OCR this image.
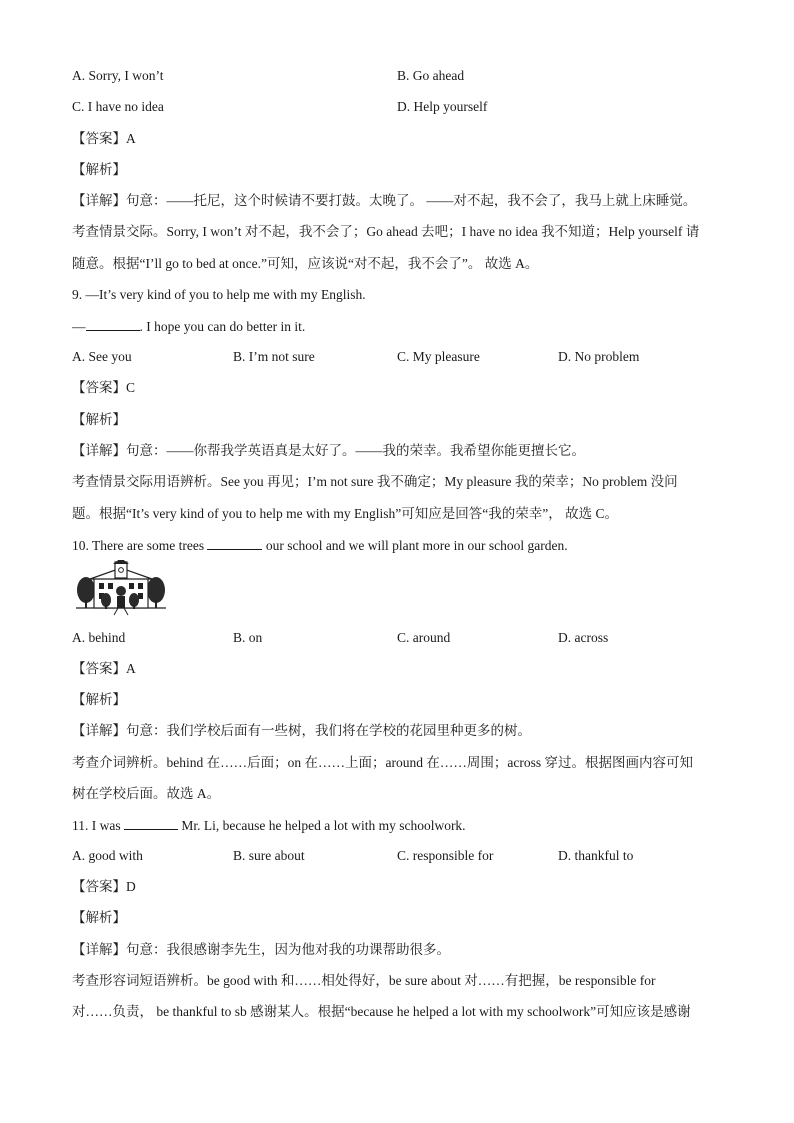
A. Sorry, I won’t	B. Go ahead
C. I have no idea	D. Help yourself
【答案】A
【解析】
【详解】句意：——托尼，这个时候请不要打鼓。太晚了。 ——对不起，我不会了，我马上就上床睡觉。
考查情景交际。Sorry, I won’t 对不起，我不会了；Go ahead 去吧；I have no idea 我不知道；Help yourself 请
随意。根据“I’ll go to bed at once.”可知，应该说“对不起，我不会了”。 故选 A。
9. —It’s very kind of you to help me with my English.
—	. I hope you can do better in it.
A. See you	B. I’m not sure	C. My pleasure	D. No problem
【答案】C
【解析】
【详解】句意：——你帮我学英语真是太好了。——我的荣幸。我希望你能更擅长它。
考查情景交际用语辨析。See you 再见；I’m not sure 我不确定；My pleasure 我的荣幸；No problem 没问
题。根据“It’s very kind of you to help me with my English”可知应是回答“我的荣幸”， 故选 C。
10. There are some trees	our school and we will plant more in our school garden.
A. behind	B. on	C. around	D. across
【答案】A
【解析】
【详解】句意：我们学校后面有一些树，我们将在学校的花园里种更多的树。
考查介词辨析。behind 在……后面；on 在……上面；around 在……周围；across 穿过。根据图画内容可知
树在学校后面。故选 A。
11. I was	Mr. Li, because he helped a lot with my schoolwork.
A. good with	B. sure about	C. responsible for	D. thankful to
【答案】D
【解析】
【详解】句意：我很感谢李先生，因为他对我的功课帮助很多。
考查形容词短语辨析。be good with 和……相处得好，be sure about 对……有把握，be responsible for
对……负责， be thankful to sb 感谢某人。根据“because he helped a lot with my schoolwork”可知应该是感谢
